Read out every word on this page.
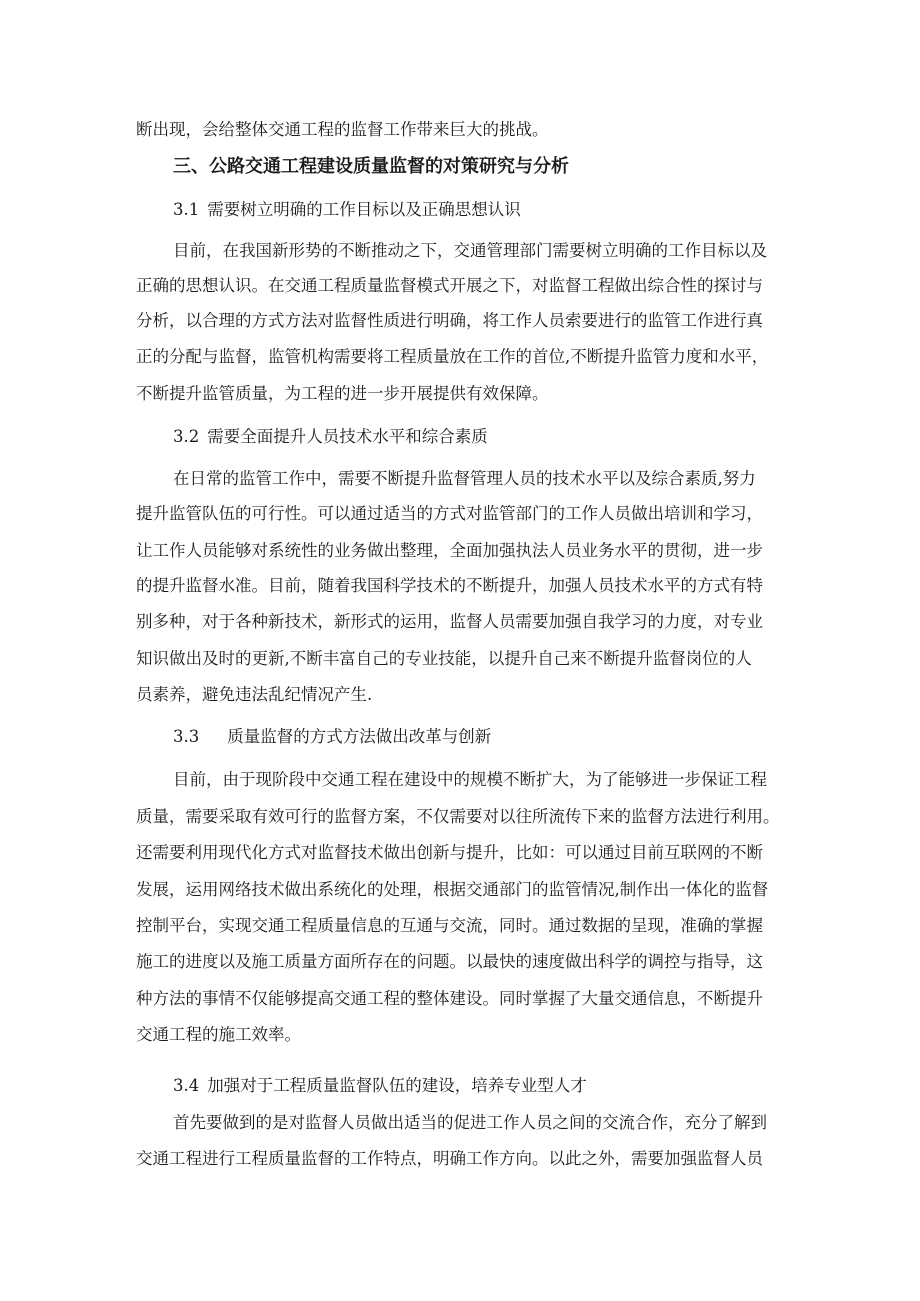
断出现，会给整体交通工程的监督工作带来巨大的挑战。

三、公路交通工程建设质量监督的对策研究与分析

3.1 需要树立明确的工作目标以及正确思想认识

目前，在我国新形势的不断推动之下，交通管理部门需要树立明确的工作目标以及

正确的思想认识。在交通工程质量监督模式开展之下，对监督工程做出综合性的探讨与

分析，以合理的方式方法对监督性质进行明确，将工作人员索要进行的监管工作进行真

正的分配与监督，监管机构需要将工程质量放在工作的首位,不断提升监管力度和水平，

不断提升监管质量，为工程的进一步开展提供有效保障。

3.2 需要全面提升人员技术水平和综合素质

在日常的监管工作中，需要不断提升监督管理人员的技术水平以及综合素质,努力

提升监管队伍的可行性。可以通过适当的方式对监管部门的工作人员做出培训和学习，

让工作人员能够对系统性的业务做出整理，全面加强执法人员业务水平的贯彻，进一步

的提升监督水准。目前，随着我国科学技术的不断提升，加强人员技术水平的方式有特

别多种，对于各种新技术，新形式的运用，监督人员需要加强自我学习的力度，对专业

知识做出及时的更新,不断丰富自己的专业技能，以提升自己来不断提升监督岗位的人

员素养，避免违法乱纪情况产生.

3.3 质量监督的方式方法做出改革与创新

目前，由于现阶段中交通工程在建设中的规模不断扩大，为了能够进一步保证工程

质量，需要采取有效可行的监督方案，不仅需要对以往所流传下来的监督方法进行利用。

还需要利用现代化方式对监督技术做出创新与提升，比如：可以通过目前互联网的不断

发展，运用网络技术做出系统化的处理，根据交通部门的监管情况,制作出一体化的监督

控制平台，实现交通工程质量信息的互通与交流，同时。通过数据的呈现，准确的掌握

施工的进度以及施工质量方面所存在的问题。以最快的速度做出科学的调控与指导，这

种方法的事情不仅能够提高交通工程的整体建设。同时掌握了大量交通信息，不断提升

交通工程的施工效率。

3.4 加强对于工程质量监督队伍的建设，培养专业型人才

首先要做到的是对监督人员做出适当的促进工作人员之间的交流合作，充分了解到

交通工程进行工程质量监督的工作特点，明确工作方向。以此之外，需要加强监督人员
